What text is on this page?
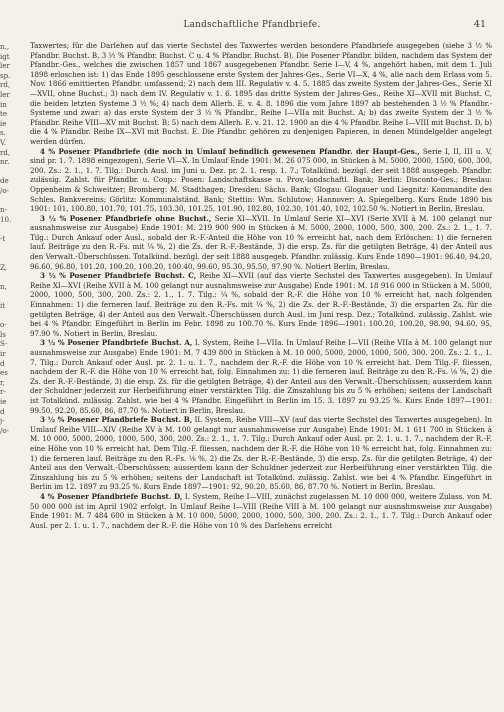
Landschaftliche Pfandbriefe.	41
n.,
igt
ler
sp.
rd,
ler
in
te
ie
s.
V.
rd,
nr.

de
/o-

n-
10.

-t

Z,

n,

it

o-
ls
S-
ir
d
es
r,
r-
ie
d
j-
/o-

Taxwertes; für die Darlehen auf das vierte Sechstel des Taxwertes werden besondere Pfandbriefe ausgegeben (siehe 3 ½ % Pfandbr. Buchst. B, 3 ½ % Pfandbr. Buchst. C u. 4 % Pfandbr. Buchst. B). Die Posener Pfandbr. bilden, nachdem das System der Pfandbr.-Ges., welches die zwischen 1857 und 1867 ausgegebenen Pfandbr. Serie I—V, 4 %, angehört haben, mit dem 1. Juli 1898 erloschen ist: 1) das Ende 1895 geschlossene erste System der Jahres-Ges., Serie VI—X, 4 %, alle nach dem Erlass vom 5. Nov. 1866 emittierten Pfandbr. umfassend; 2) nach dem III. Regulativ v. 4. 5. 1885 das zweite System der Jahres-Ges., Serie XI—XVII, ohne Buchst.; 3) nach dem IV. Regulativ v. 1. 6. 1895 das dritte System der Jahres-Ges., Reihe XI—XVII mit Buchst. C, die beiden letzten Systeme 3 ½ %; 4) nach dem Allerh. E. v. 4. 8. 1896 die vom Jahre 1897 ab bestehenden 3 ½ % Pfandbr.-Systeme und zwar: a) das erste System der 3 ½ % Pfandbr., Reihe I—VIIa mit Buchst. A; b) das zweite System der 3 ½ % Pfandbr. Reihe VIII—XV mit Buchst. B; 5) nach dem Allerh. E. v. 21. 12. 1900 an die 4 % Pfandbr. Reihe I—VIII mit Buchst. D, b) die 4 % Pfandbr. Reihe IX—XVI mit Buchst. E. Die Pfandbr. gehören zu denjenigen Papieren, in denen Mündelgelder angelegt werden dürfen.

4 % Posener Pfandbriefe (die noch in Umlauf befindlich gewesenen Pfandbr. der Haupt-Ges., Serie I, II, III u. V, sind pr. 1. 7. 1898 eingezogen), Serie VI—X. In Umlauf Ende 1901: M. 26 075 000, in Stücken à M. 5000, 2000, 1500, 600, 300, 200. Zs.: 2. 1., 1. 7. Tilg.: Durch Ausl. im Juni u. Dez. pr. 2. 1. resp. 1. 7.; Totalkünd. bezügl. der seit 1888 ausgegeb. Pfandbr. zulässig. Zahlst. für Pfandbr. u. Coup.: Posen: Landschaftskasse u. Prov.-landschaftl. Bank; Berlin: Disconto-Ges.; Breslau: Oppenheim & Schweitzer; Bromberg: M. Stadthagen; Dresden: Sächs. Bank; Glogau: Glogauer und Liegnitz: Kommandite des Schles. Bankvereins; Görlitz: Kommunalständ. Bank; Stettin: Wm. Schlutow; Hannover: A. Spiegelberg. Kurs Ende 1890 bis 1901: 101, 100.80, 101.70, 101.75, 103.30, 101.25, 101.90, 102.80, 102.30, 101.40, 102, 102.50 %. Notiert in Berlin, Breslau.

3 ½ % Posener Pfandbriefe ohne Buchst., Serie XI—XVII. In Umlauf Serie XI—XVI (Serie XVII à M. 100 gelangt nur ausnahmsweise zur Ausgabe) Ende 1901: M. 219 900 900 in Stücken à M. 5000, 2000, 1000, 500, 300, 200. Zs.: 2. 1., 1. 7. Tilg.: Durch Ankauf oder Ausl., sobald der R.-F.-Anteil die Höhe von 10 % erreicht hat, nach dem Erlöschen: 1) die ferneren lauf. Beiträge zu den R.-Fs. mit ¼ %, 2) die Zs. der R.-F.-Bestände, 3) die ersp. Zs. für die getilgten Beträge, 4) der Anteil aus den Verwalt.-Überschüssen. Totalkünd. bezügl. der seit 1888 ausgegeb. Pfandbr. zulässig. Kurs Ende 1890—1901: 96.40, 94.20, 96.60, 96.80, 101.20, 100.20, 100.20, 100.40, 99.60, 95.30, 95.50, 97.90 %. Notiert Berlin, Breslau.

3 ½ % Posener Pfandbriefe Buchst. C, Reihe XI—XVII (auf das vierte Sechstel des Taxwertes ausgegeben). In Umlauf Reihe XI—XVI (Reihe XVII à M. 100 gelangt nur ausnahmsweise zur Ausgabe) Ende 1901: M. 18 916 000 in Stücken à M. 5000, 2000, 1000, 500, 300, 200. Zs.: 2. 1., 1. 7. Tilg.: ¼ %, sobald der R.-F. die Höhe von 10 % erreicht hat, nach folgenden Einnahmen: 1) die ferneren lauf. Beiträge zu den R.-Fs. mit ¼ %, 2) die Zs. der R.-F.-Bestände, 3) die ersparten Zs. für die getilgten Beträge, 4) der Anteil aus den Verwalt.-Überschüssen durch Ausl. im Juni resp. Dez.; Totalkünd. zulässig. Zahlst. wie bei 4 % Pfandbr. Eingeführt in Berlin im Febr. 1898 zu 100.70 %. Kurs Ende 1896—1901: 100.20, 100.20, 98.90, 94.60, 95, 97.90 %. Notiert in Berlin, Breslau.

3 ½ % Posener Pfandbriefe Buchst. A, I. System, Reihe I—VIIa. In Umlauf Reihe I—VII (Reihe VIIa à M. 100 gelangt nur ausnahmsweise zur Ausgabe) Ende 1901: M. 7 439 800 in Stücken à M. 10 000, 5000, 2000, 1000, 500, 300, 200. Zs.: 2. 1., 1. 7. Tilg.: Durch Ankauf oder Ausl. pr. 2. 1. u. 1. 7., nachdem der R.-F. die Höhe von 10 % erreicht hat. Dem Tilg.-F. fliessen, nachdem der R.-F. die Höhe von 10 % erreicht hat, folg. Einnahmen zu: 1) die ferneren lauf. Beiträge zu den R.-Fs. ⅛ %, 2) die Zs. der R.-F.-Bestände, 3) die ersp. Zs. für die getilgten Beträge, 4) der Anteil aus den Verwalt.-Überschüssen; ausserdem kann der Schuldner jederzeit zur Herbeiführung einer verstärkten Tilg. die Zinszahlung bis zu 5 % erhöhen; seitens der Landschaft ist Totalkünd. zulässig. Zahlst. wie bei 4 % Pfandbr. Eingeführt in Berlin im 15. 3. 1897 zu 93.25 %. Kurs Ende 1897—1901: 99.50, 92.20, 85.60, 86, 87.70 %. Notiert in Berlin, Breslau.

3 ½ % Posener Pfandbriefe Buchst. B, II. System, Reihe VIII—XV (auf das vierte Sechstel des Taxwertes ausgegeben). In Umlauf Reihe VIII—XIV (Reihe XV à M. 100 gelangt nur ausnahmsweise zur Ausgabe) Ende 1901: M. 1 611 700 in Stücken à M. 10 000, 5000, 2000, 1000, 500, 300, 200. Zs.: 2. 1., 1. 7. Tilg.: Durch Ankauf oder Ausl. pr. 2. 1. u. 1. 7., nachdem der R.-F. eine Höhe von 10 % erreicht hat. Dem Tilg.-F. fliessen, nachdem der R.-F. die Höhe von 10 % erreicht hat, folg. Einnahmen zu: 1) die ferneren lauf. Beiträge zu den R.-Fs. ⅛ %, 2) die Zs. der R.-F.-Bestände, 3) die ersp. Zs. für die getilgten Beträge, 4) der Anteil aus den Verwalt.-Überschüssen; ausserdem kann der Schuldner jederzeit zur Herbeiführung einer verstärkten Tilg. die Zinszahlung bis zu 5 % erhöhen; seitens der Landschaft ist Totalkünd. zulässig. Zahlst. wie bei 4 % Pfandbr. Eingeführt in Berlin im 12. 1897 zu 93.25 %. Kurs Ende 1897—1901: 92, 90.20, 85.60, 86, 87.70 %. Notiert in Berlin, Breslau.

4 % Posener Pfandbriefe Buchst. D, I. System, Reihe I—VIII, zunächst zugelassen M. 10 000 000, weitere Zulass. von M. 50 000 000 ist im April 1902 erfolgt. In Umlauf Reihe I—VIII (Reihe VIII à M. 100 gelangt nur ausnahmsweise zur Ausgabe) Ende 1901: M. 7 484 600 in Stücken à M. 10 000, 5000, 2000, 1000, 500, 300, 200. Zs.: 2. 1., 1. 7. Tilg.: Durch Ankauf oder Ausl. per 2. 1. u. 1. 7., nachdem der R.-F. die Höhe von 10 % des Darlehens erreicht
